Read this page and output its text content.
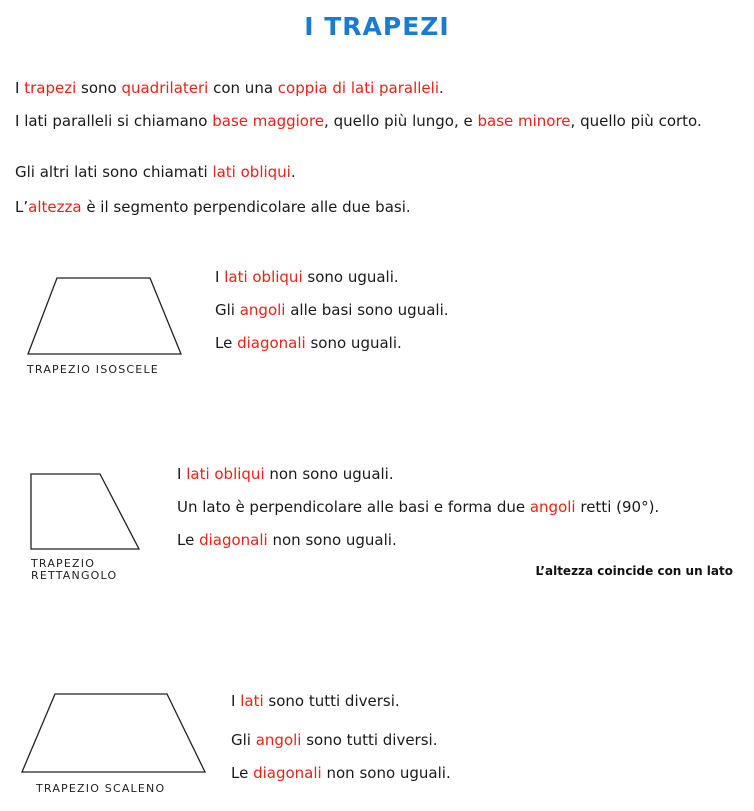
I TRAPEZI

I trapezi sono quadrilateri con una coppia di lati paralleli.

I lati paralleli si chiamano base maggiore, quello più lungo, e base minore, quello più corto.

Gli altri lati sono chiamati lati obliqui.

L’altezza è il segmento perpendicolare alle due basi.

TRAPEZIO ISOSCELE

I lati obliqui sono uguali.

Gli angoli alle basi sono uguali.

Le diagonali sono uguali.

TRAPEZIO
RETTANGOLO

I lati obliqui non sono uguali.

Un lato è perpendicolare alle basi e forma due angoli retti (90°).

Le diagonali non sono uguali.

L’altezza coincide con un lato
TRAPEZIO SCALENO

I lati sono tutti diversi.

Gli angoli sono tutti diversi.

Le diagonali non sono uguali.
